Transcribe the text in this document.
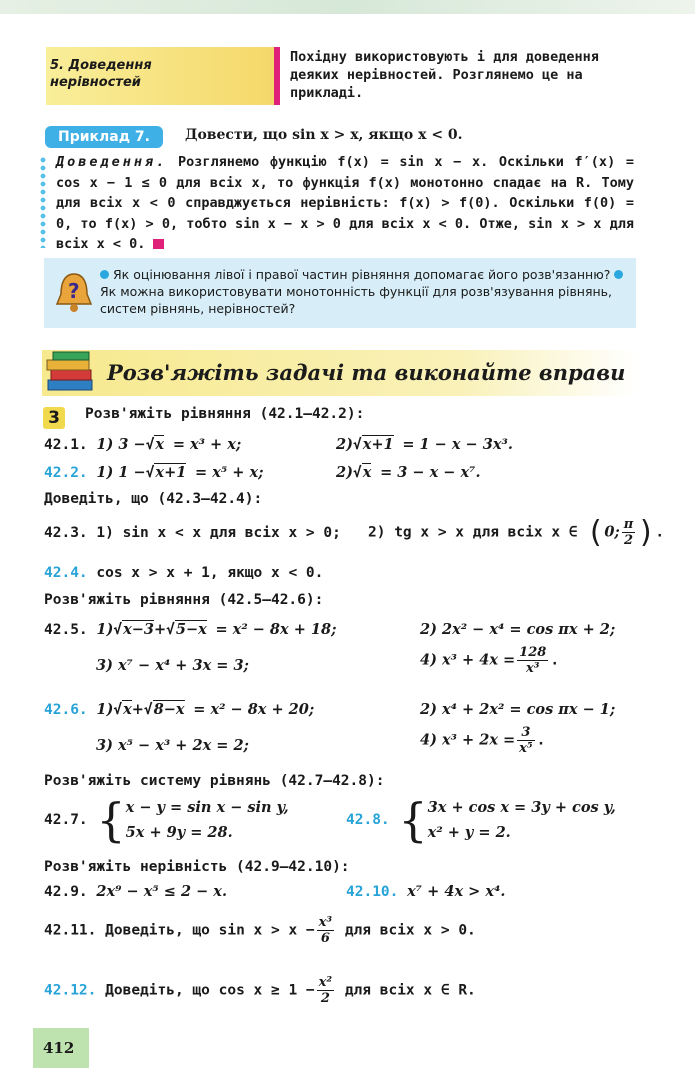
5. Доведення
нерівностей
Похідну використовують і для доведення деяких нерівностей. Розглянемо це на прикладі.
Приклад 7.	Довести, що sin x > x, якщо x < 0.
Доведення. Розглянемо функцію f(x) = sin x − x. Оскільки f′(x) = cos x − 1 ≤ 0 для всіх x, то функція f(x) монотонно спадає на R. Тому для всіх x < 0 справджується нерівність: f(x) > f(0). Оскільки f(0) = 0, то f(x) > 0, тобто sin x − x > 0 для всіх x < 0. Отже, sin x > x для всіх x < 0.
?
Як оцінювання лівої і правої частин рівняння допомагає його розв'язанню? Як можна використовувати монотонність функції для розв'язування рівнянь, систем рівнянь, нерівностей?
Розв'яжіть задачі та виконайте вправи
3	Розв'яжіть рівняння (42.1–42.2):
42.1. 1) 3 −√x = x³ + x;	2)√x+1 = 1 − x − 3x³.
42.2. 1) 1 −√x+1 = x⁵ + x;	2)√x = 3 − x − x⁷.
Доведіть, що (42.3–42.4):
42.3. 1) sin x < x для всіх x > 0; 2) tg x > x для всіх x ∈ (0; $\frac{\pi}{2}$ ).
42.4. cos x > x + 1, якщо x < 0.
Розв'яжіть рівняння (42.5–42.6):
42.5. 1)√x−3+√5−x = x² − 8x + 18;	2) 2x² − x⁴ = cos πx + 2;
3) x⁷ − x⁴ + 3x = 3;	4) $x^3 + 4x = \frac{128}{\text{x³}}$ .
42.6. 1)√x+√8−x = x² − 8x + 20;	2) x⁴ + 2x² = cos πx − 1;
3) x⁵ − x³ + 2x = 2;	4) $x^3 + 2x = \frac{3}{\text{x⁵}}$ .
Розв'яжіть систему рівнянь (42.7–42.8):
42.7. { x − y = sin x − sin y,
5x + 9y = 28.
42.8. { 3x + cos x = 3y + cos y,
x² + y = 2.
Розв'яжіть нерівність (42.9–42.10):
42.9. 2x⁹ − x⁵ ≤ 2 − x.	42.10. x⁷ + 4x > x⁴.
42.11. Доведіть, що $\sin x > x - \frac{\text{x³}}{6}$ для всіх x > 0.
42.12. Доведіть, що $\cos x \ge 1 - \frac{\text{x²}}{2}$ для всіх x ∈ R.
412
